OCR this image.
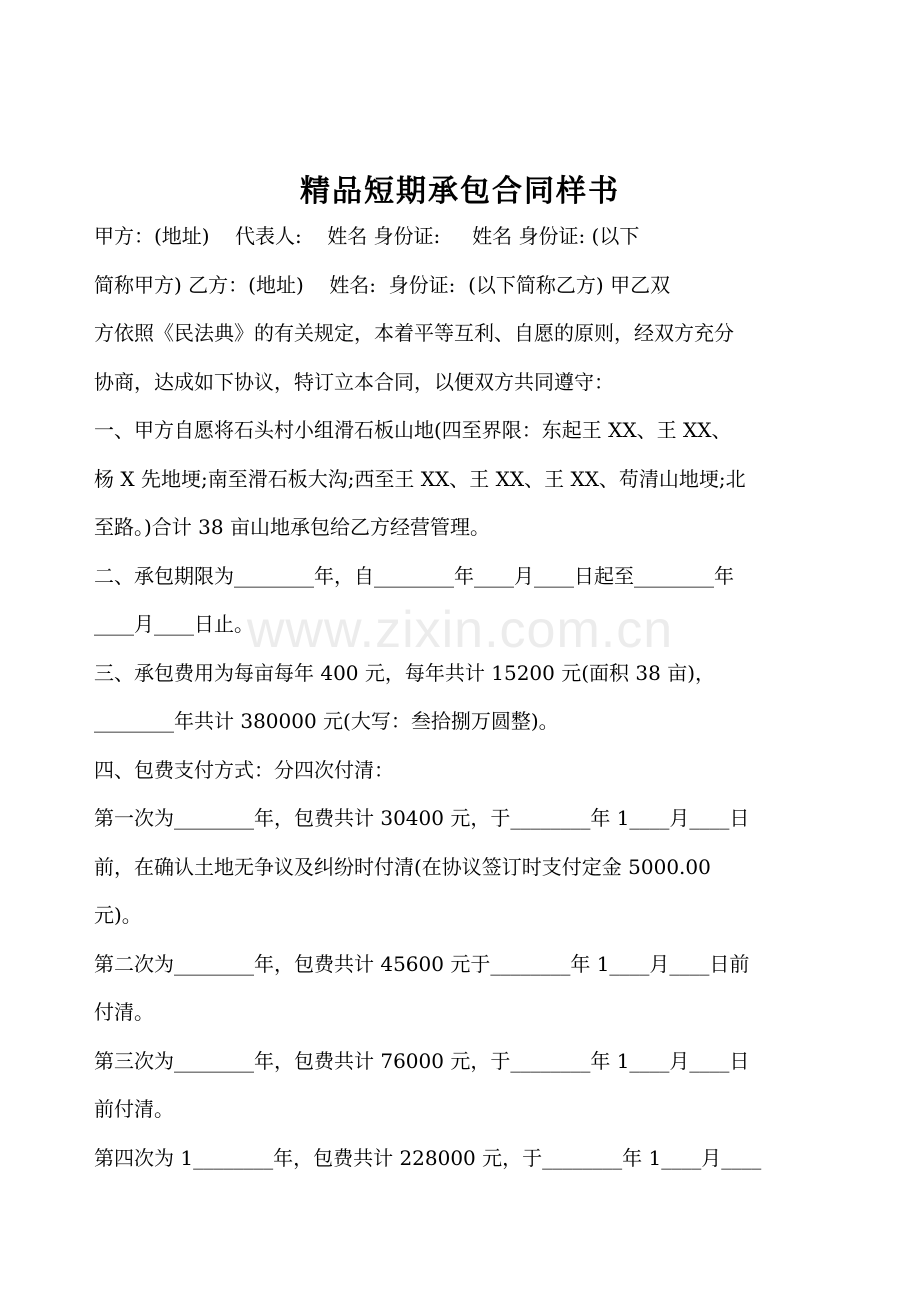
www.zixin.com.cn
精品短期承包合同样书
甲方：(地址)    代表人:    姓名 身份证:     姓名 身份证: (以下
简称甲方) 乙方：(地址)    姓名:  身份证:  (以下简称乙方) 甲乙双
方依照《民法典》的有关规定，本着平等互利、自愿的原则，经双方充分
协商，达成如下协议，特订立本合同，以便双方共同遵守：
一、甲方自愿将石头村小组滑石板山地(四至界限：东起王 XX、王 XX、
杨 X 先地埂;南至滑石板大沟;西至王 XX、王 XX、王 XX、苟清山地埂;北
至路。)合计 38 亩山地承包给乙方经营管理。
二、承包期限为________年，自________年____月____日起至________年
____月____日止。
三、承包费用为每亩每年 400 元，每年共计 15200 元(面积 38 亩)，
________年共计 380000 元(大写：叁拾捌万圆整)。
四、包费支付方式：分四次付清：
第一次为________年，包费共计 30400 元，于________年 1____月____日
前，在确认土地无争议及纠纷时付清(在协议签订时支付定金 5000.00
元)。
第二次为________年，包费共计 45600 元于________年 1____月____日前
付清。
第三次为________年，包费共计 76000 元，于________年 1____月____日
前付清。
第四次为 1________年，包费共计 228000 元，于________年 1____月____
